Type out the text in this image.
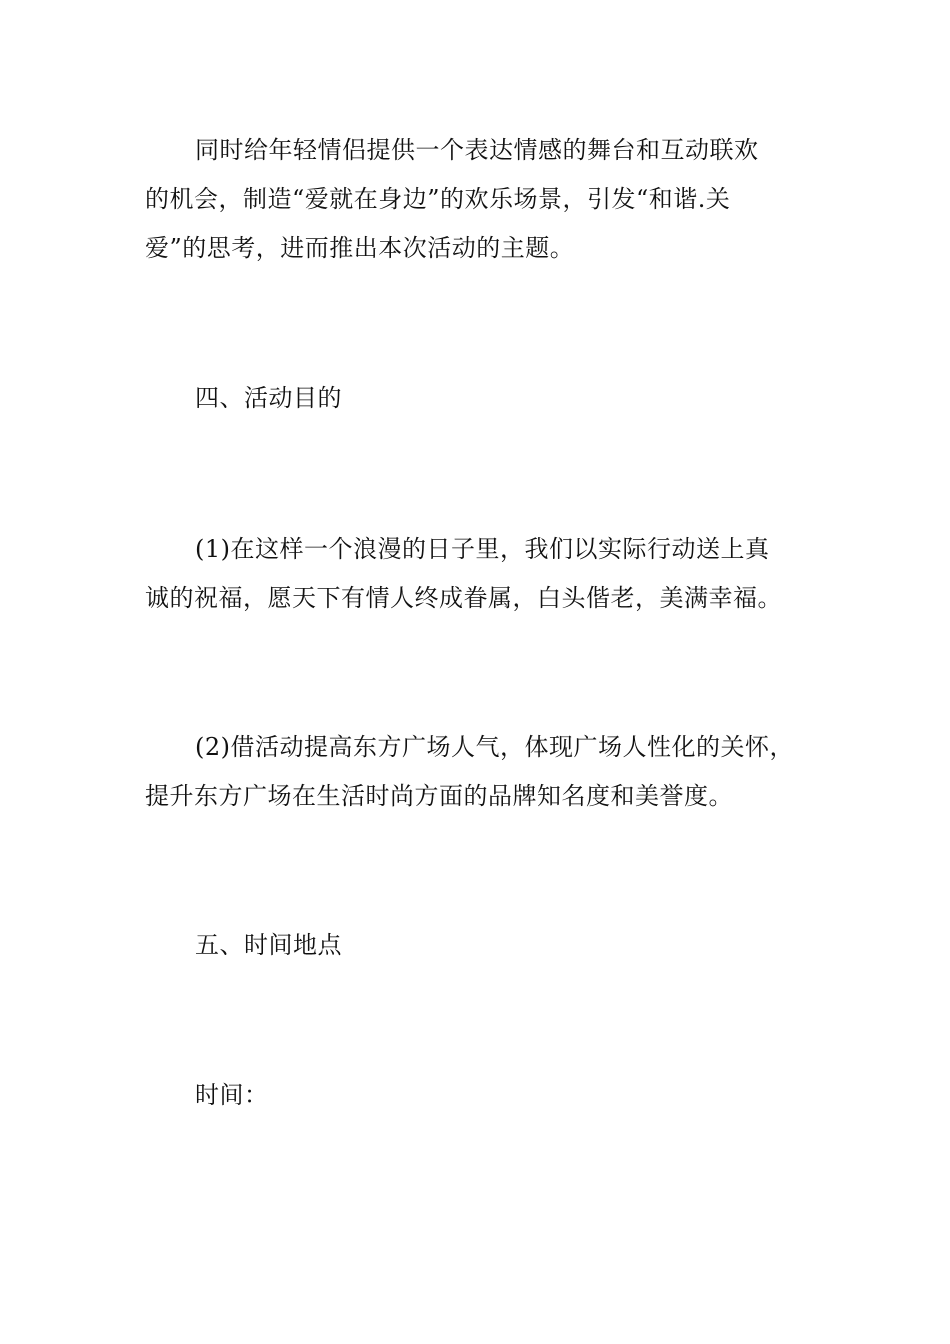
同时给年轻情侣提供一个表达情感的舞台和互动联欢
的机会，制造“爱就在身边”的欢乐场景，引发“和谐.关
爱”的思考，进而推出本次活动的主题。
四、活动目的
(1)在这样一个浪漫的日子里，我们以实际行动送上真
诚的祝福，愿天下有情人终成眷属，白头偕老，美满幸福。
(2)借活动提高东方广场人气，体现广场人性化的关怀，
提升东方广场在生活时尚方面的品牌知名度和美誉度。
五、时间地点
时间：
